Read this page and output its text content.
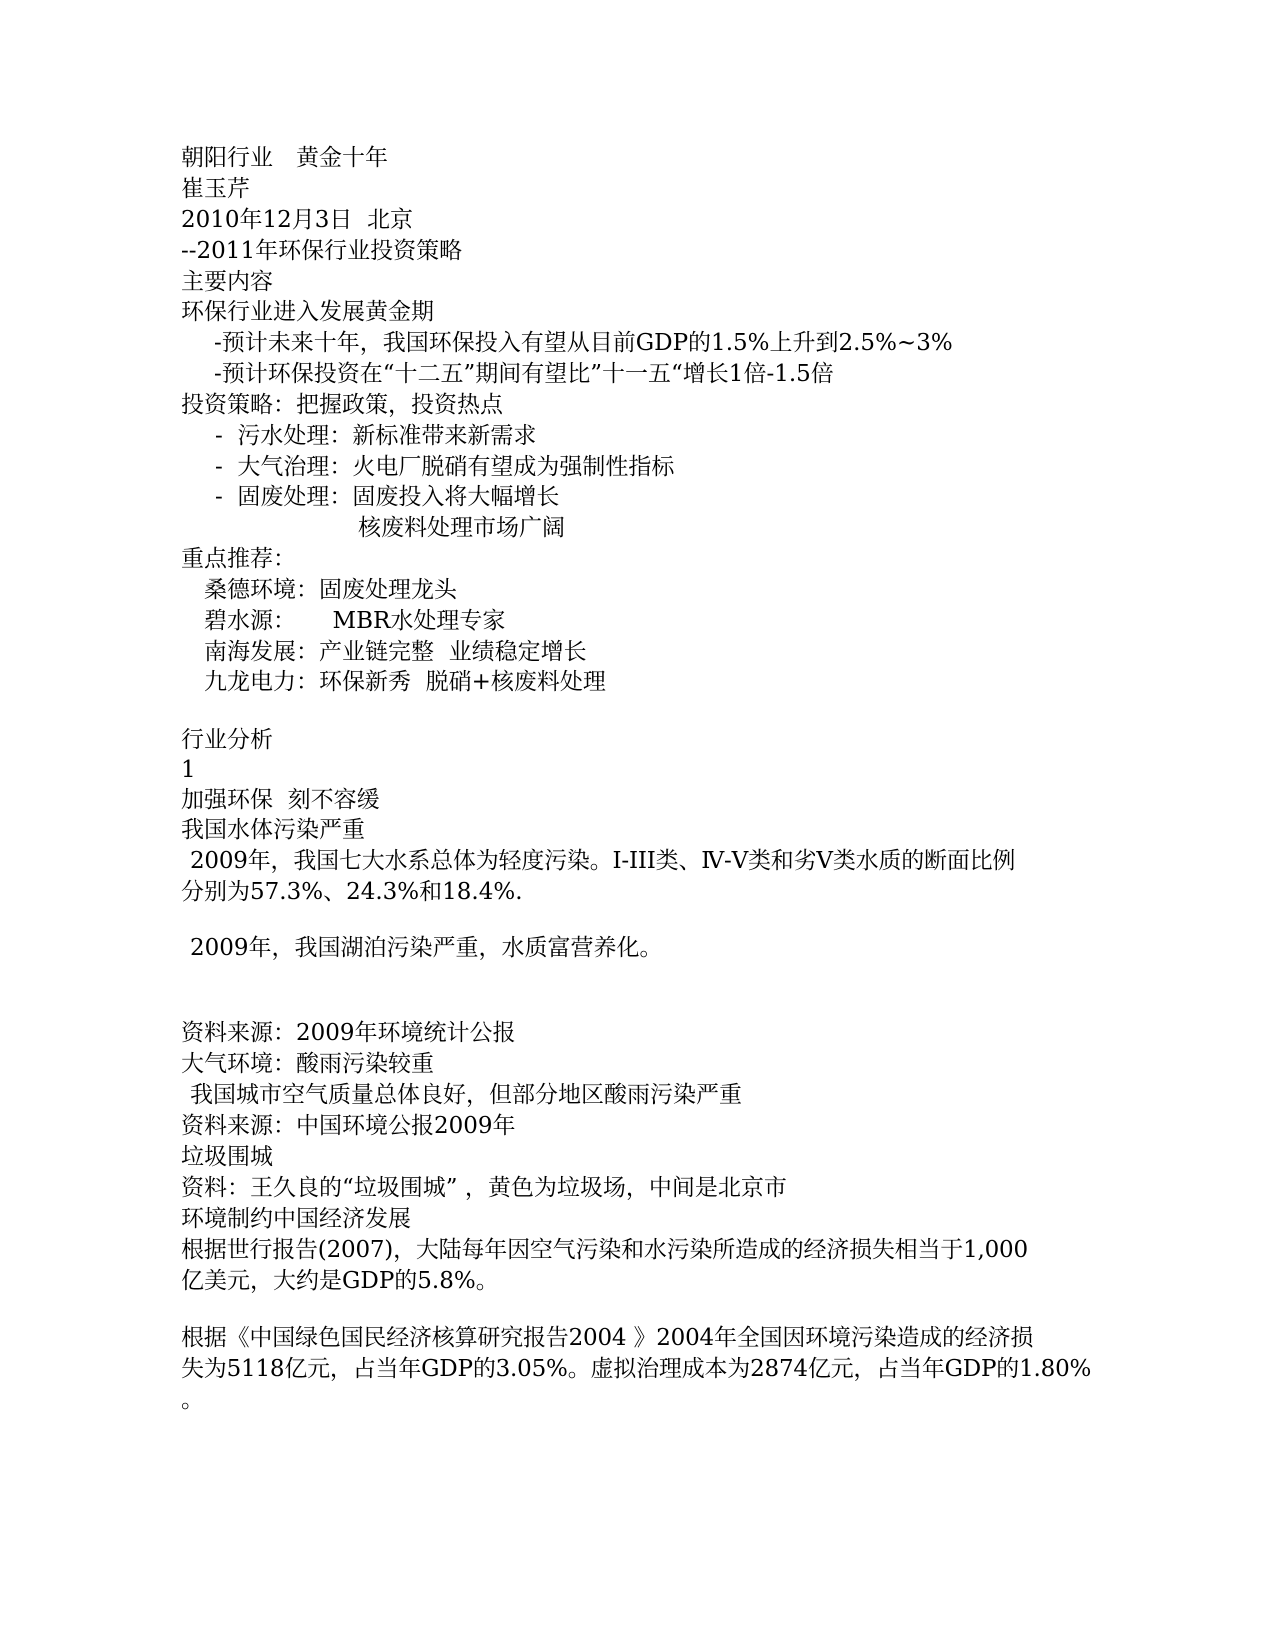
朝阳行业　黄金十年
崔玉芹
2010年12月3日  北京
--2011年环保行业投资策略
主要内容
环保行业进入发展黄金期
-预计未来十年，我国环保投入有望从目前GDP的1.5%上升到2.5%~3%
-预计环保投资在“十二五”期间有望比”十一五“增长1倍-1.5倍
投资策略：把握政策，投资热点
-  污水处理：新标准带来新需求
-  大气治理：火电厂脱硝有望成为强制性指标
-  固废处理：固废投入将大幅增长
核废料处理市场广阔
重点推荐：
桑德环境：固废处理龙头
碧水源：     MBR水处理专家
南海发展：产业链完整  业绩稳定增长
九龙电力：环保新秀  脱硝+核废料处理
行业分析
1
加强环保  刻不容缓
我国水体污染严重
2009年，我国七大水系总体为轻度污染。I-III类、Ⅳ-Ⅴ类和劣Ⅴ类水质的断面比例
分别为57.3%、24.3%和18.4%.
2009年，我国湖泊污染严重，水质富营养化。
资料来源：2009年环境统计公报
大气环境：酸雨污染较重
我国城市空气质量总体良好，但部分地区酸雨污染严重
资料来源：中国环境公报2009年
垃圾围城
资料：王久良的“垃圾围城” ，黄色为垃圾场，中间是北京市
环境制约中国经济发展
根据世行报告(2007)，大陆每年因空气污染和水污染所造成的经济损失相当于1,000
亿美元，大约是GDP的5.8%。
根据《中国绿色国民经济核算研究报告2004 》2004年全国因环境污染造成的经济损
失为5118亿元，占当年GDP的3.05%。虚拟治理成本为2874亿元，占当年GDP的1.80%
。
